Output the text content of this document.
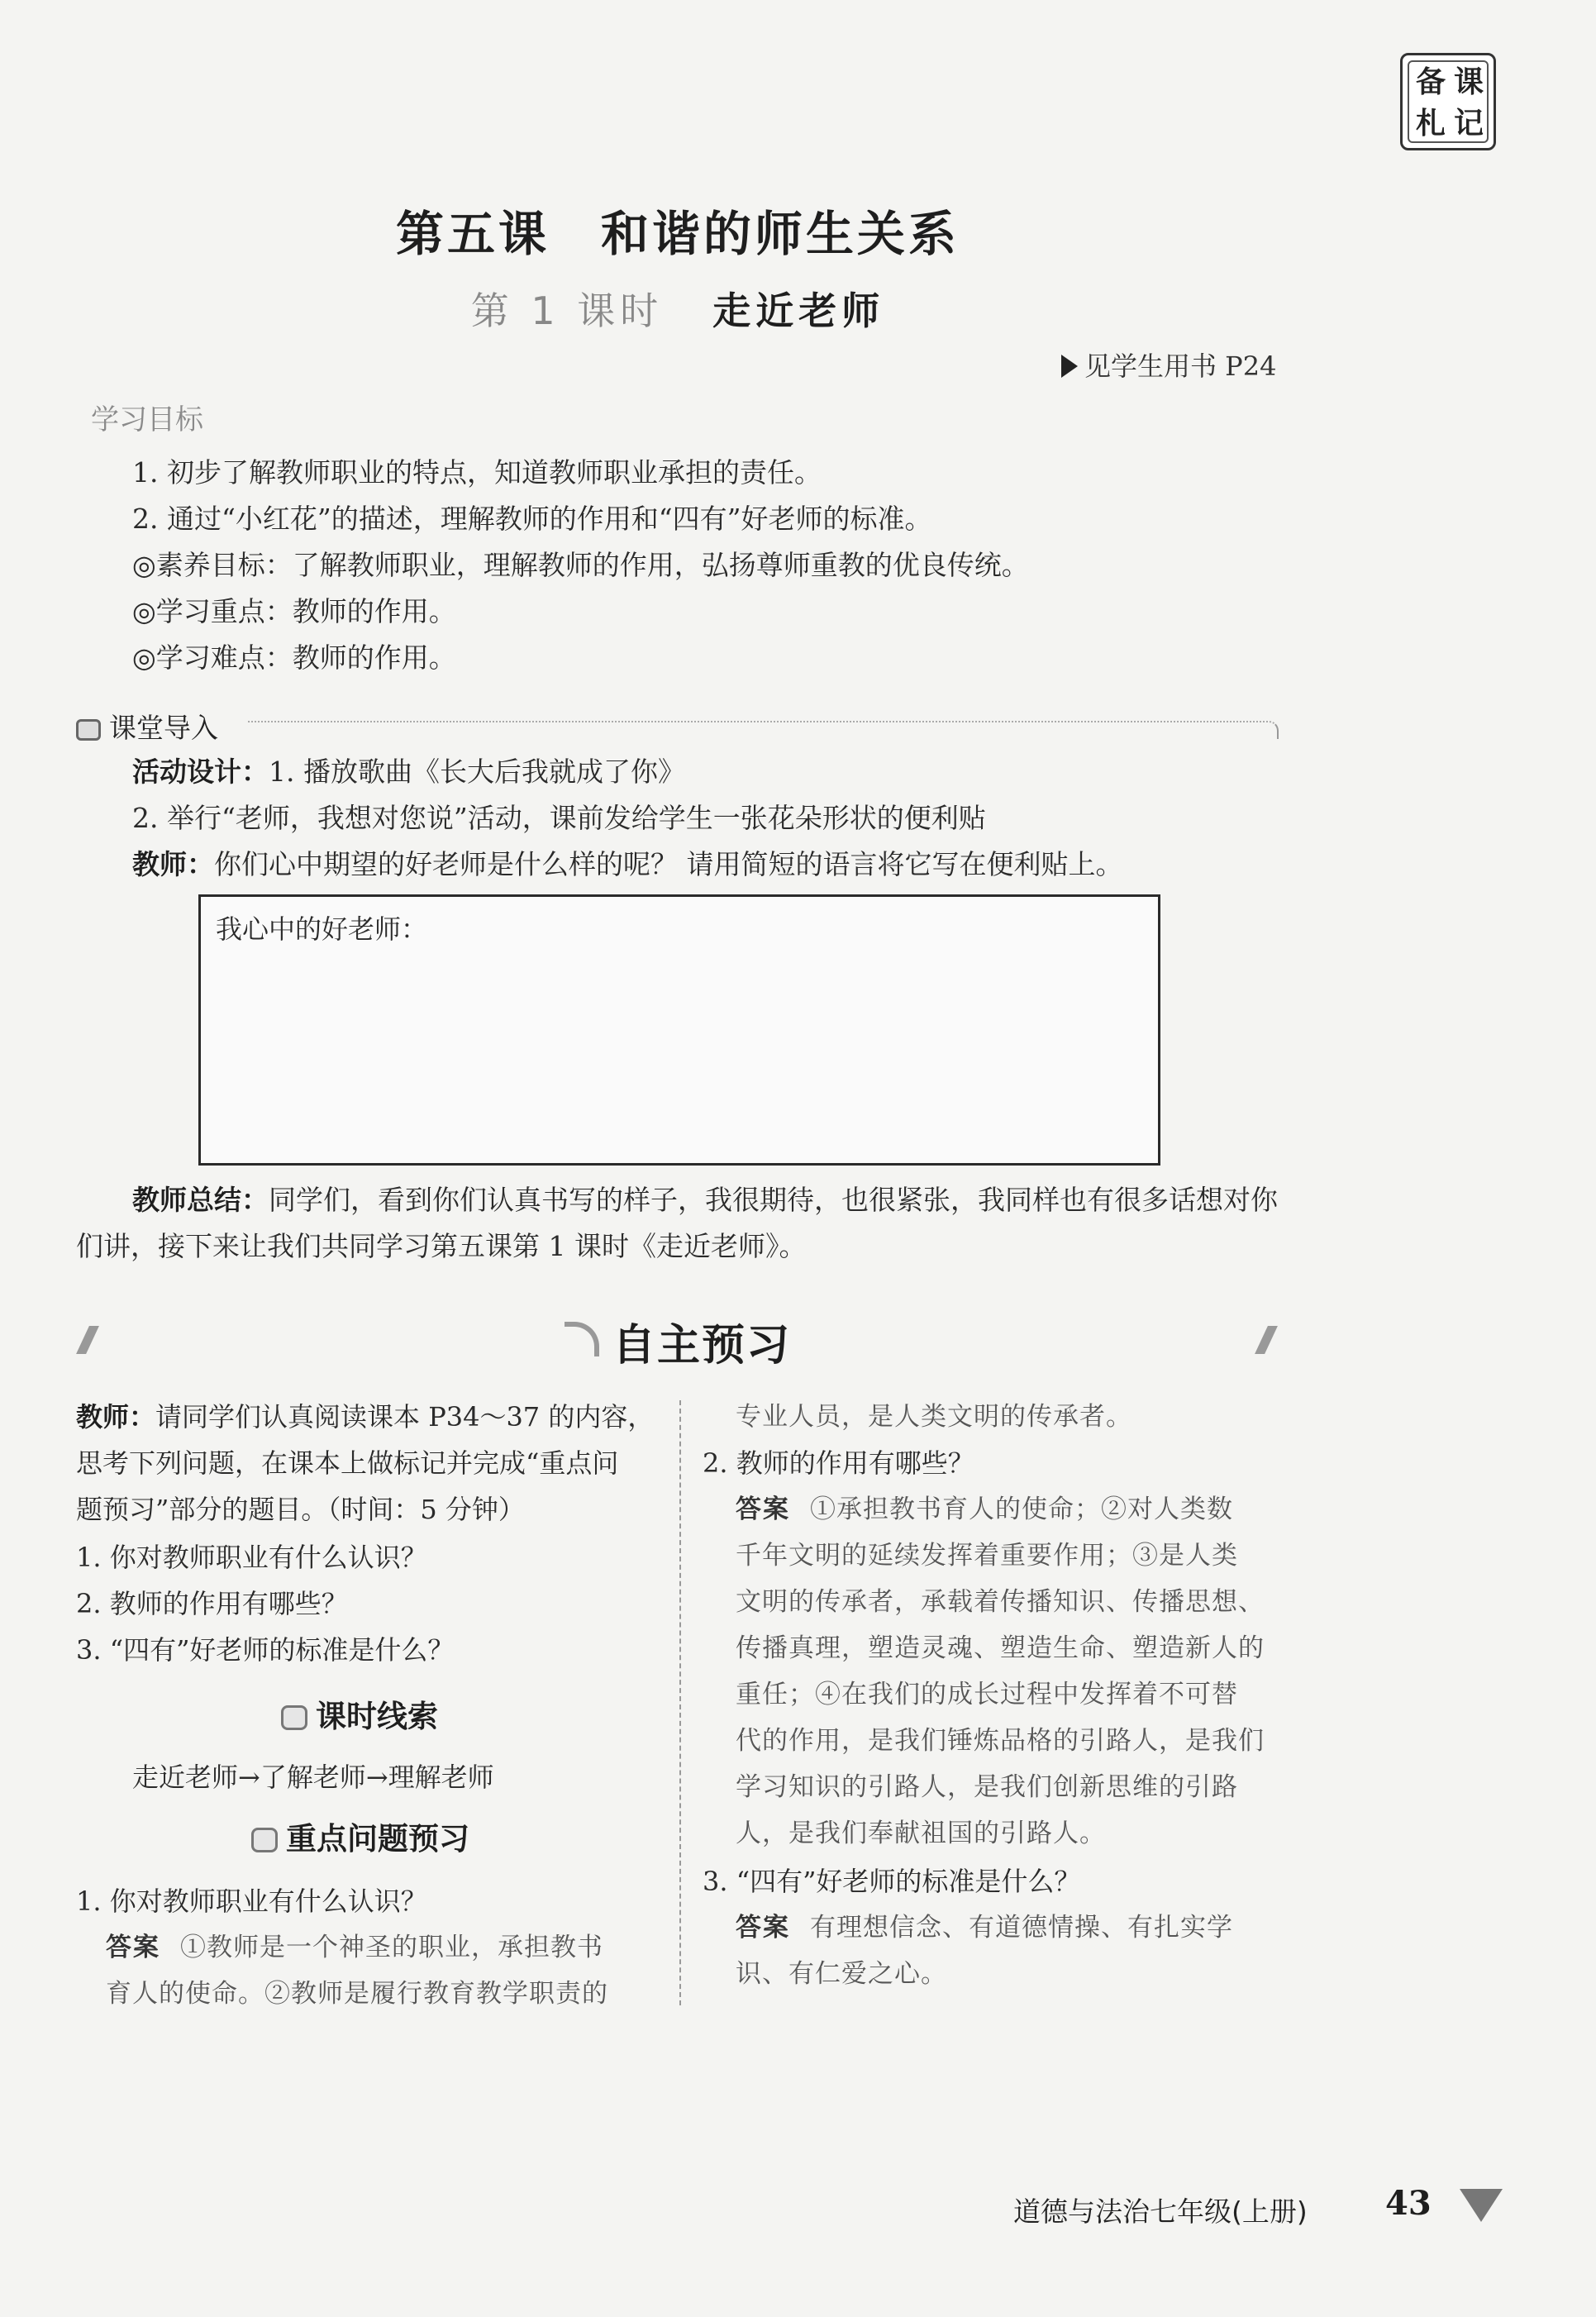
备 课
札 记
第五课　和谐的师生关系
第 1 课时 走近老师
见学生用书 P24
学习目标
1. 初步了解教师职业的特点，知道教师职业承担的责任。
2. 通过“小红花”的描述，理解教师的作用和“四有”好老师的标准。
◎素养目标：了解教师职业，理解教师的作用，弘扬尊师重教的优良传统。
◎学习重点：教师的作用。
◎学习难点：教师的作用。
课堂导入
活动设计：1. 播放歌曲《长大后我就成了你》
2. 举行“老师，我想对您说”活动，课前发给学生一张花朵形状的便利贴
教师：你们心中期望的好老师是什么样的呢？ 请用简短的语言将它写在便利贴上。
我心中的好老师：
教师总结：同学们，看到你们认真书写的样子，我很期待，也很紧张，我同样也有很多话想对你
们讲，接下来让我们共同学习第五课第 1 课时《走近老师》。
自主预习
教师：请同学们认真阅读课本 P34～37 的内容，
思考下列问题，在课本上做标记并完成“重点问
题预习”部分的题目。（时间：5 分钟）
1. 你对教师职业有什么认识？
2. 教师的作用有哪些？
3. “四有”好老师的标准是什么？
课时线索
走近老师→了解老师→理解老师
重点问题预习
1. 你对教师职业有什么认识？
答案 ①教师是一个神圣的职业，承担教书
育人的使命。②教师是履行教育教学职责的
专业人员，是人类文明的传承者。
2. 教师的作用有哪些？
答案 ①承担教书育人的使命；②对人类数
千年文明的延续发挥着重要作用；③是人类
文明的传承者，承载着传播知识、传播思想、
传播真理，塑造灵魂、塑造生命、塑造新人的
重任；④在我们的成长过程中发挥着不可替
代的作用，是我们锤炼品格的引路人，是我们
学习知识的引路人，是我们创新思维的引路
人，是我们奉献祖国的引路人。
3. “四有”好老师的标准是什么？
答案 有理想信念、有道德情操、有扎实学
识、有仁爱之心。
道德与法治七年级(上册) 43
